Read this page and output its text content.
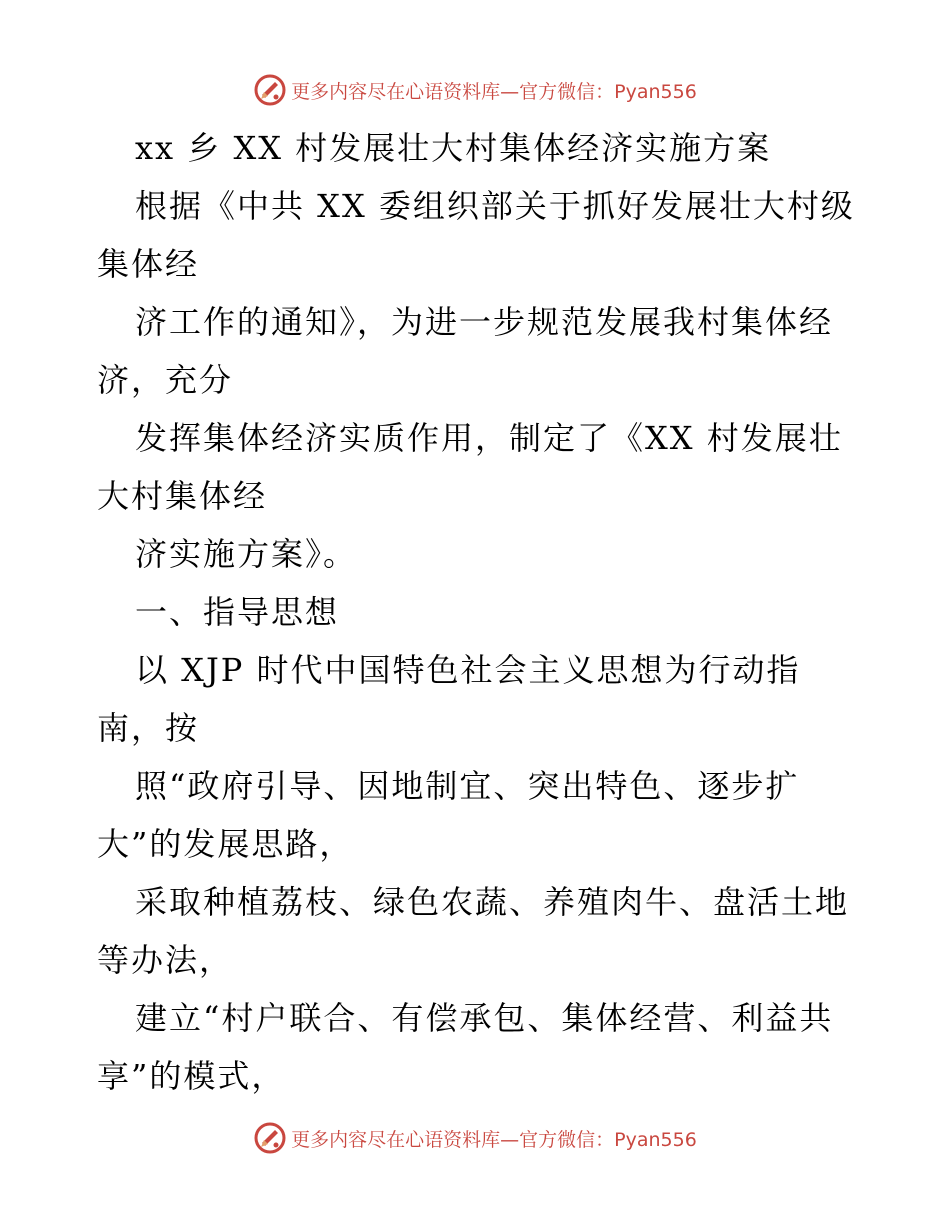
更多内容尽在心语资料库—官方微信：Pyan556
xx 乡 XX 村发展壮大村集体经济实施方案
根据《中共 XX 委组织部关于抓好发展壮大村级
集体经
济工作的通知》，为进一步规范发展我村集体经
济，充分
发挥集体经济实质作用，制定了《XX 村发展壮
大村集体经
济实施方案》。
一、指导思想
以 XJP 时代中国特色社会主义思想为行动指
南，按
照“政府引导、因地制宜、突出特色、逐步扩
大”的发展思路，
采取种植荔枝、绿色农蔬、养殖肉牛、盘活土地
等办法，
建立“村户联合、有偿承包、集体经营、利益共
享”的模式，
更多内容尽在心语资料库—官方微信：Pyan556
